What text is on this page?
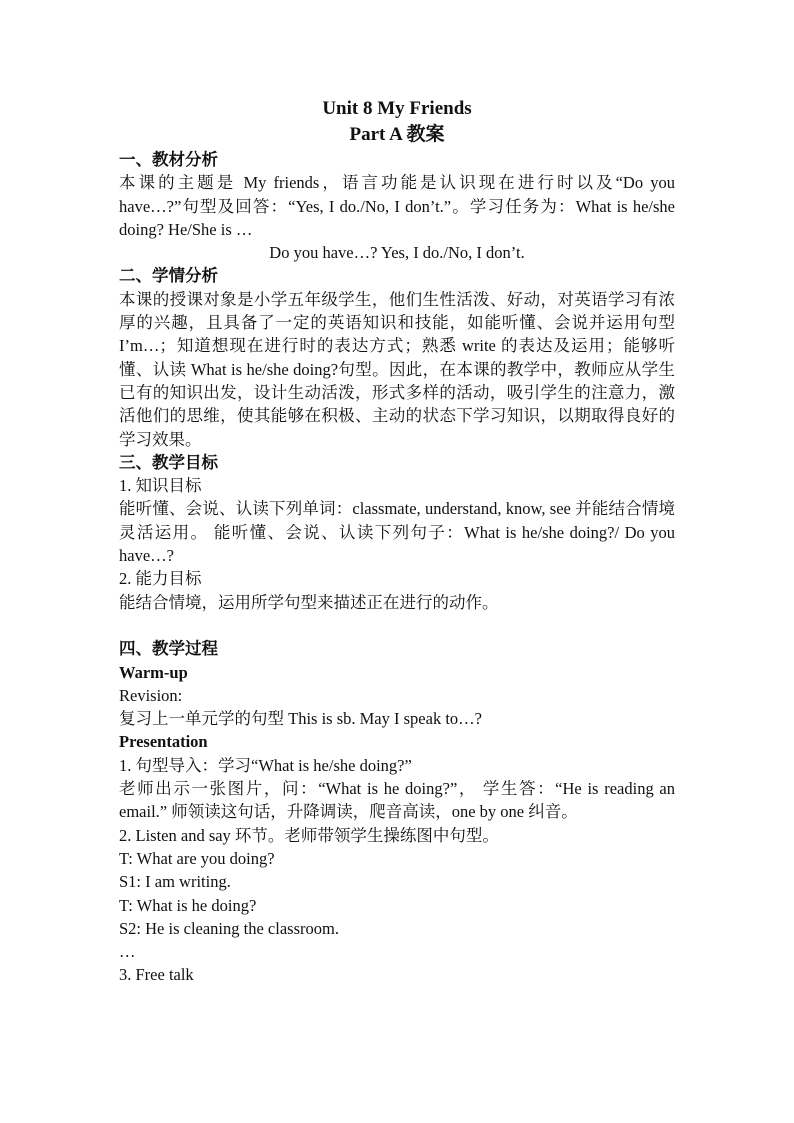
Unit 8 My Friends

Part A 教案

一、教材分析

本课的主题是 My friends，语言功能是认识现在进行时以及“Do you have…?”句型及回答：“Yes, I do./No, I don’t.”。学习任务为：What is he/she doing? He/She is …

Do you have…? Yes, I do./No, I don’t.

二、学情分析

本课的授课对象是小学五年级学生，他们生性活泼、好动，对英语学习有浓厚的兴趣，且具备了一定的英语知识和技能，如能听懂、会说并运用句型 I’m…；知道想现在进行时的表达方式；熟悉 write 的表达及运用；能够听懂、认读 What is he/she doing?句型。因此，在本课的教学中，教师应从学生已有的知识出发，设计生动活泼，形式多样的活动，吸引学生的注意力，激活他们的思维，使其能够在积极、主动的状态下学习知识，以期取得良好的学习效果。

三、教学目标

1. 知识目标

能听懂、会说、认读下列单词：classmate, understand, know, see 并能结合情境灵活运用。 能听懂、会说、认读下列句子：What is he/she doing?/ Do you have…?

2. 能力目标

能结合情境，运用所学句型来描述正在进行的动作。

四、教学过程

Warm-up

Revision:

复习上一单元学的句型 This is sb. May I speak to…?

Presentation

1. 句型导入：学习“What is he/she doing?”

老师出示一张图片，问：“What is he doing?”， 学生答：“He is reading an email.” 师领读这句话，升降调读，爬音高读，one by one 纠音。

2. Listen and say 环节。老师带领学生操练图中句型。

T: What are you doing?

S1: I am writing.

T: What is he doing?

S2: He is cleaning the classroom.

…

3. Free talk
